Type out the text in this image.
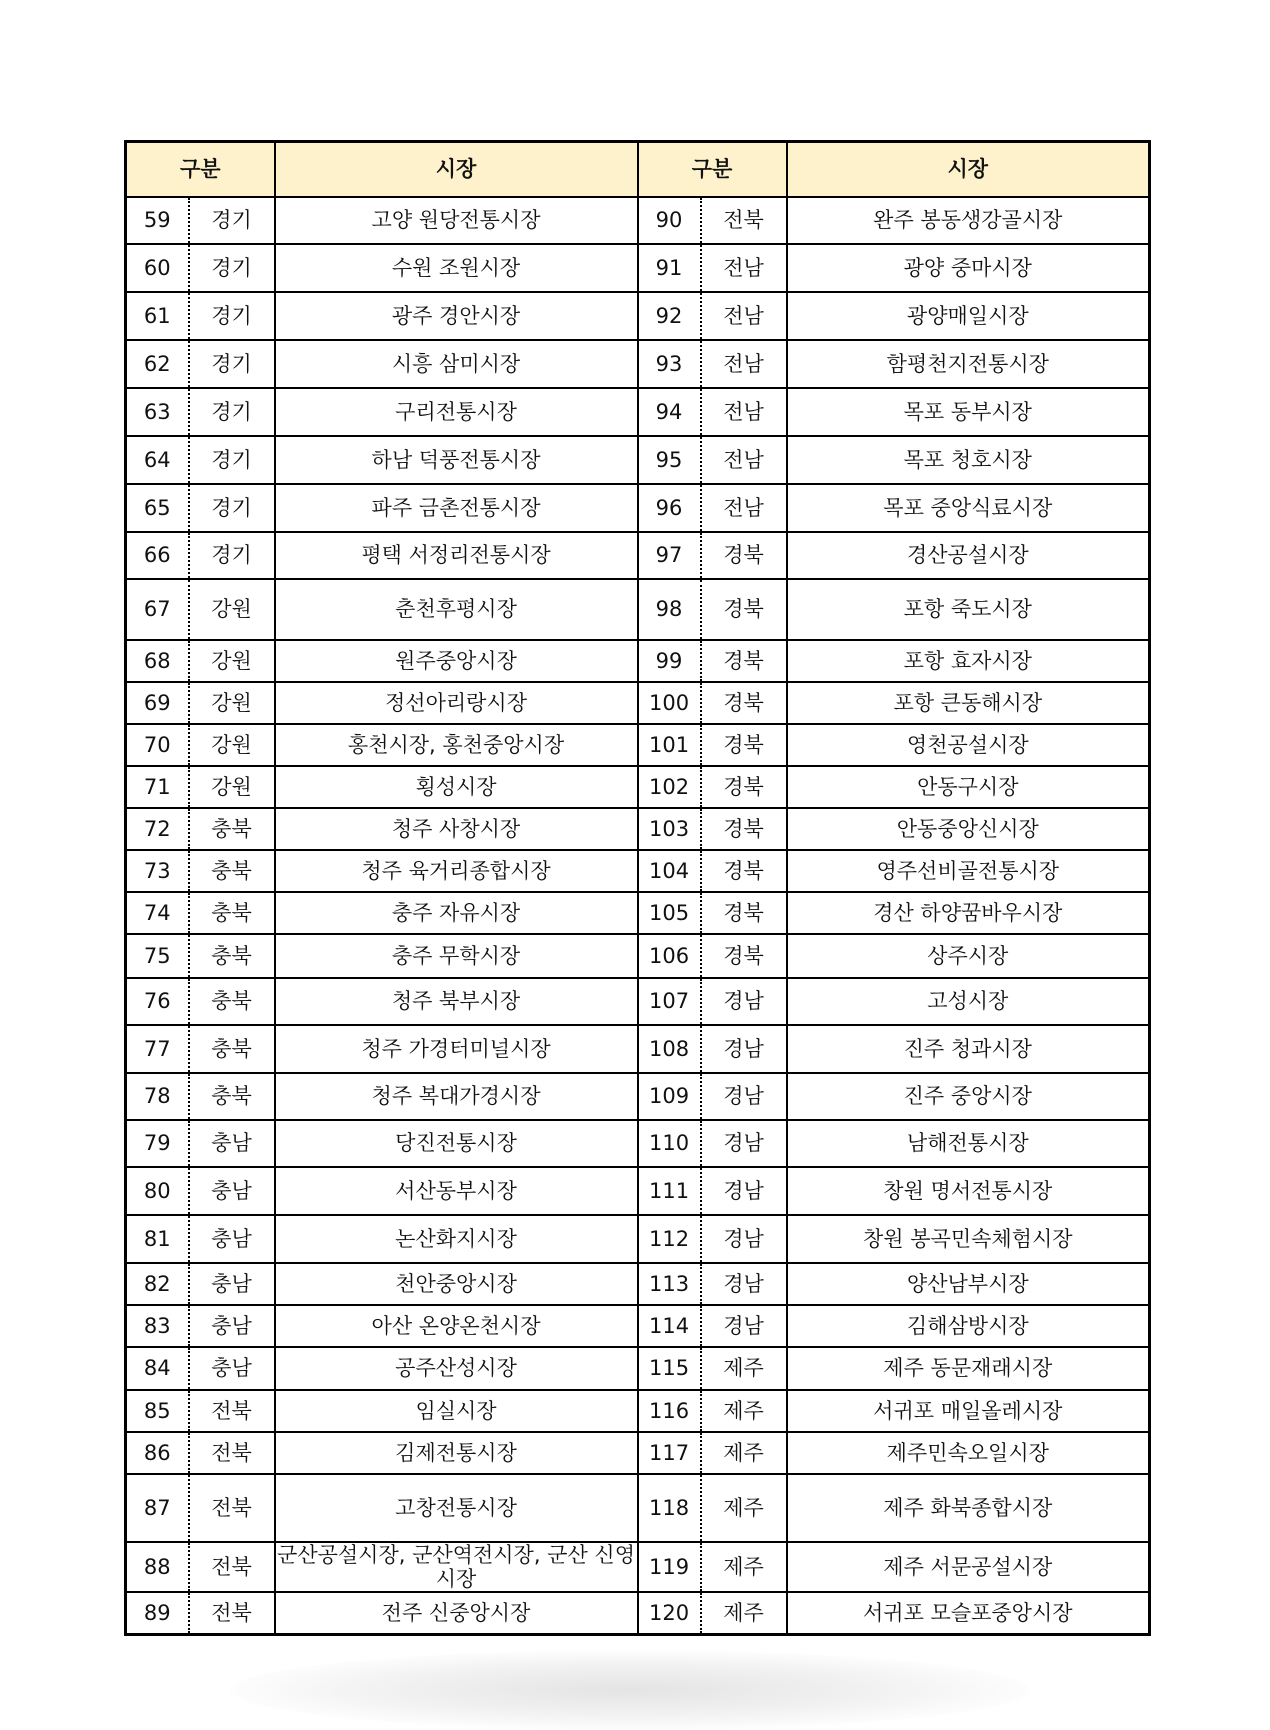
구분		시장	구분		시장
59	경기	고양 원당전통시장	90	전북	완주 봉동생강골시장
60	경기	수원 조원시장	91	전남	광양 중마시장
61	경기	광주 경안시장	92	전남	광양매일시장
62	경기	시흥 삼미시장	93	전남	함평천지전통시장
63	경기	구리전통시장	94	전남	목포 동부시장
64	경기	하남 덕풍전통시장	95	전남	목포 청호시장
65	경기	파주 금촌전통시장	96	전남	목포 중앙식료시장
66	경기	평택 서정리전통시장	97	경북	경산공설시장
67	강원	춘천후평시장	98	경북	포항 죽도시장
68	강원	원주중앙시장	99	경북	포항 효자시장
69	강원	정선아리랑시장	100	경북	포항 큰동해시장
70	강원	홍천시장, 홍천중앙시장	101	경북	영천공설시장
71	강원	횡성시장	102	경북	안동구시장
72	충북	청주 사창시장	103	경북	안동중앙신시장
73	충북	청주 육거리종합시장	104	경북	영주선비골전통시장
74	충북	충주 자유시장	105	경북	경산 하양꿈바우시장
75	충북	충주 무학시장	106	경북	상주시장
76	충북	청주 북부시장	107	경남	고성시장
77	충북	청주 가경터미널시장	108	경남	진주 청과시장
78	충북	청주 복대가경시장	109	경남	진주 중앙시장
79	충남	당진전통시장	110	경남	남해전통시장
80	충남	서산동부시장	111	경남	창원 명서전통시장
81	충남	논산화지시장	112	경남	창원 봉곡민속체험시장
82	충남	천안중앙시장	113	경남	양산남부시장
83	충남	아산 온양온천시장	114	경남	김해삼방시장
84	충남	공주산성시장	115	제주	제주 동문재래시장
85	전북	임실시장	116	제주	서귀포 매일올레시장
86	전북	김제전통시장	117	제주	제주민속오일시장
87	전북	고창전통시장	118	제주	제주 화북종합시장
88	전북	군산공설시장, 군산역전시장, 군산 신영시장	119	제주	제주 서문공설시장
89	전북	전주 신중앙시장	120	제주	서귀포 모슬포중앙시장
